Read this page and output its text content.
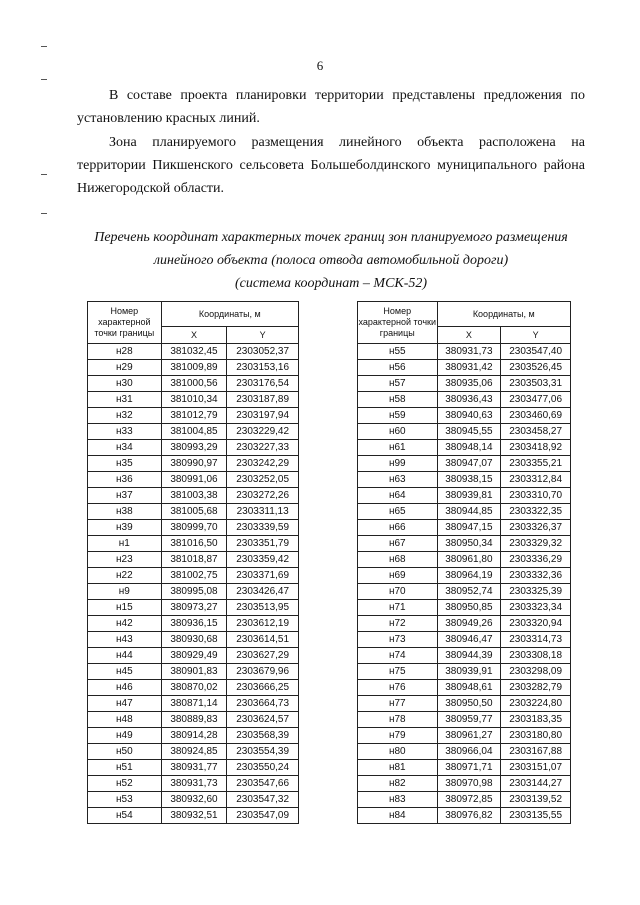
6
В составе проекта планировки территории представлены предложения по установлению красных линий.
Зона планируемого размещения линейного объекта расположена на территории Пикшенского сельсовета Большеболдинского муниципального района Нижегородской области.
Перечень координат характерных точек границ зон планируемого размещения
линейного объекта (полоса отвода автомобильной дороги)
(система координат – МСК-52)
Номер характерной точки границы	Координаты, м	
	X	Y
н28	381032,45	2303052,37
н29	381009,89	2303153,16
н30	381000,56	2303176,54
н31	381010,34	2303187,89
н32	381012,79	2303197,94
н33	381004,85	2303229,42
н34	380993,29	2303227,33
н35	380990,97	2303242,29
н36	380991,06	2303252,05
н37	381003,38	2303272,26
н38	381005,68	2303311,13
н39	380999,70	2303339,59
н1	381016,50	2303351,79
н23	381018,87	2303359,42
н22	381002,75	2303371,69
н9	380995,08	2303426,47
н15	380973,27	2303513,95
н42	380936,15	2303612,19
н43	380930,68	2303614,51
н44	380929,49	2303627,29
н45	380901,83	2303679,96
н46	380870,02	2303666,25
н47	380871,14	2303664,73
н48	380889,83	2303624,57
н49	380914,28	2303568,39
н50	380924,85	2303554,39
н51	380931,77	2303550,24
н52	380931,73	2303547,66
н53	380932,60	2303547,32
н54	380932,51	2303547,09
Номер характерной точки границы	Координаты, м	
	X	Y
н55	380931,73	2303547,40
н56	380931,42	2303526,45
н57	380935,06	2303503,31
н58	380936,43	2303477,06
н59	380940,63	2303460,69
н60	380945,55	2303458,27
н61	380948,14	2303418,92
н99	380947,07	2303355,21
н63	380938,15	2303312,84
н64	380939,81	2303310,70
н65	380944,85	2303322,35
н66	380947,15	2303326,37
н67	380950,34	2303329,32
н68	380961,80	2303336,29
н69	380964,19	2303332,36
н70	380952,74	2303325,39
н71	380950,85	2303323,34
н72	380949,26	2303320,94
н73	380946,47	2303314,73
н74	380944,39	2303308,18
н75	380939,91	2303298,09
н76	380948,61	2303282,79
н77	380950,50	2303224,80
н78	380959,77	2303183,35
н79	380961,27	2303180,80
н80	380966,04	2303167,88
н81	380971,71	2303151,07
н82	380970,98	2303144,27
н83	380972,85	2303139,52
н84	380976,82	2303135,55
